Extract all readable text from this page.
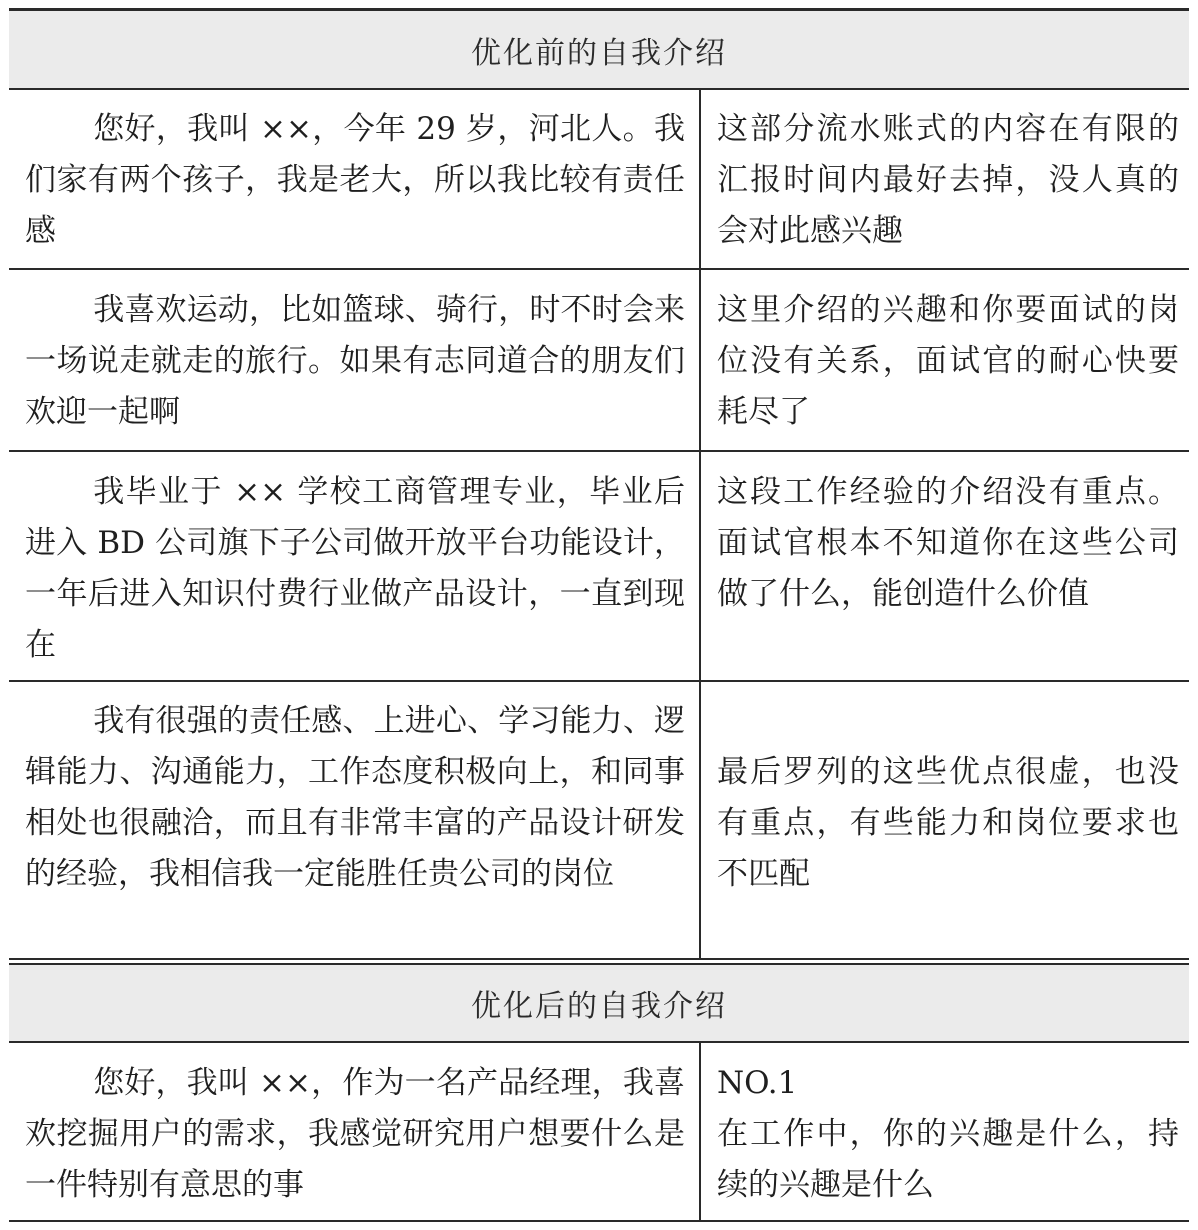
优化前的自我介绍
您好，我叫 ××，今年 29 岁，河北人。我们家有两个孩子，我是老大，所以我比较有责任感
这部分流水账式的内容在有限的汇报时间内最好去掉，没人真的会对此感兴趣
我喜欢运动，比如篮球、骑行，时不时会来一场说走就走的旅行。如果有志同道合的朋友们欢迎一起啊
这里介绍的兴趣和你要面试的岗位没有关系，面试官的耐心快要耗尽了
我毕业于 ×× 学校工商管理专业，毕业后进入 BD 公司旗下子公司做开放平台功能设计，一年后进入知识付费行业做产品设计，一直到现在
这段工作经验的介绍没有重点。面试官根本不知道你在这些公司做了什么，能创造什么价值
我有很强的责任感、上进心、学习能力、逻辑能力、沟通能力，工作态度积极向上，和同事相处也很融洽，而且有非常丰富的产品设计研发的经验，我相信我一定能胜任贵公司的岗位
最后罗列的这些优点很虚，也没有重点，有些能力和岗位要求也不匹配
优化后的自我介绍
您好，我叫 ××，作为一名产品经理，我喜欢挖掘用户的需求，我感觉研究用户想要什么是一件特别有意思的事
NO.1
在工作中，你的兴趣是什么，持续的兴趣是什么
